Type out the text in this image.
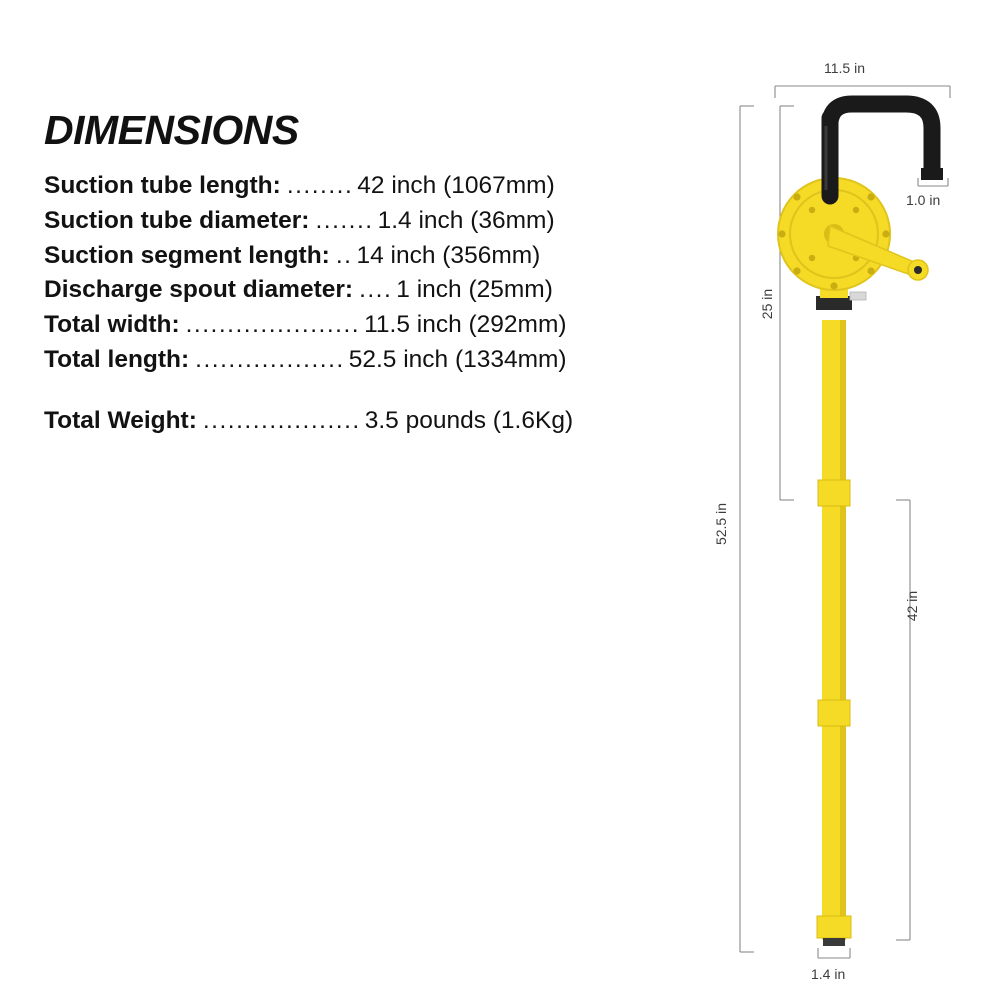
DIMENSIONS
Suction tube length: ........ 42 inch (1067mm)
Suction tube diameter: ....... 1.4 inch (36mm)
Suction segment length: .. 14 inch (356mm)
Discharge spout diameter: .... 1 inch (25mm)
Total width: ..................... 11.5 inch (292mm)
Total length: .................. 52.5 inch (1334mm)
Total Weight: ................... 3.5 pounds (1.6Kg)
11.5 in
1.0 in
25 in
52.5 in
42 in
1.4 in
